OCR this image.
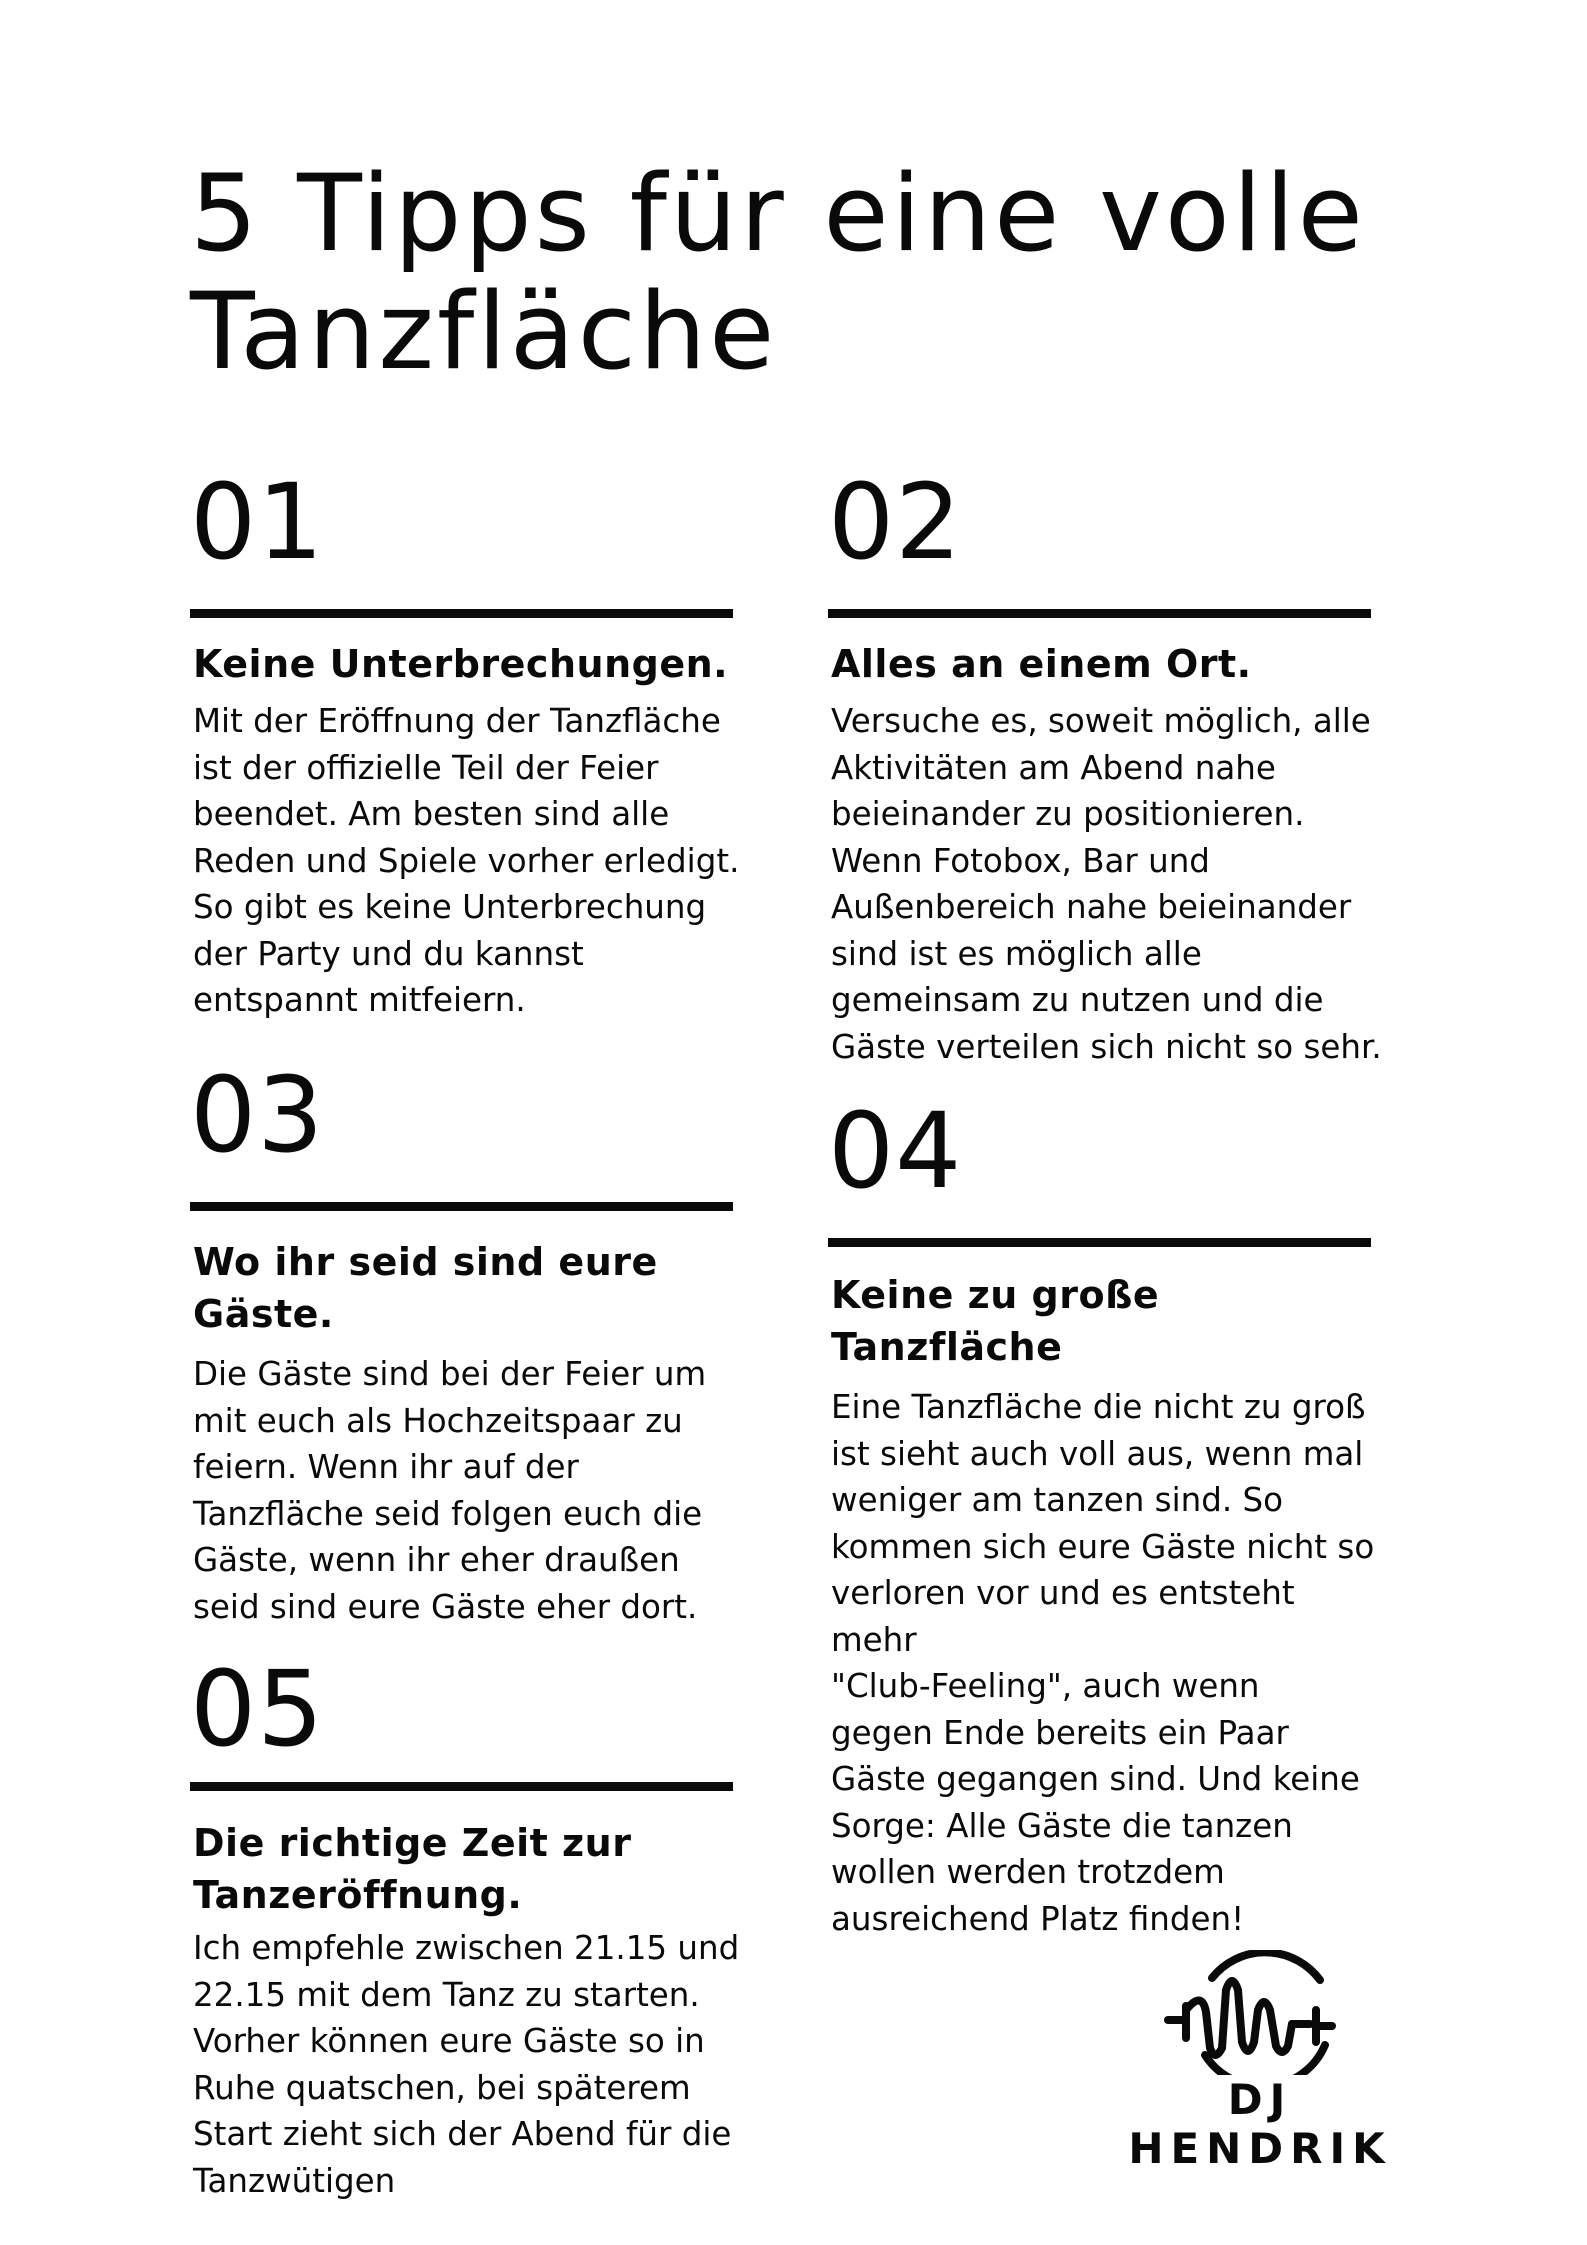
5 Tipps für eine volle Tanzfläche
01
Keine Unterbrechungen.
Mit der Eröffnung der Tanzfläche
ist der offizielle Teil der Feier
beendet. Am besten sind alle
Reden und Spiele vorher erledigt.
So gibt es keine Unterbrechung
der Party und du kannst
entspannt mitfeiern.
02
Alles an einem Ort.
Versuche es, soweit möglich, alle
Aktivitäten am Abend nahe
beieinander zu positionieren.
Wenn Fotobox, Bar und
Außenbereich nahe beieinander
sind ist es möglich alle
gemeinsam zu nutzen und die
Gäste verteilen sich nicht so sehr.
03
Wo ihr seid sind eure Gäste.
Die Gäste sind bei der Feier um
mit euch als Hochzeitspaar zu
feiern. Wenn ihr auf der
Tanzfläche seid folgen euch die
Gäste, wenn ihr eher draußen
seid sind eure Gäste eher dort.
04
Keine zu große Tanzfläche
Eine Tanzfläche die nicht zu groß
ist sieht auch voll aus, wenn mal
weniger am tanzen sind. So
kommen sich eure Gäste nicht so
verloren vor und es entsteht mehr
"Club-Feeling", auch wenn
gegen Ende bereits ein Paar
Gäste gegangen sind. Und keine
Sorge: Alle Gäste die tanzen
wollen werden trotzdem
ausreichend Platz finden!
05
Die richtige Zeit zur Tanzeröffnung.
Ich empfehle zwischen 21.15 und
22.15 mit dem Tanz zu starten.
Vorher können eure Gäste so in
Ruhe quatschen, bei späterem
Start zieht sich der Abend für die
Tanzwütigen
DJ HENDRIK
